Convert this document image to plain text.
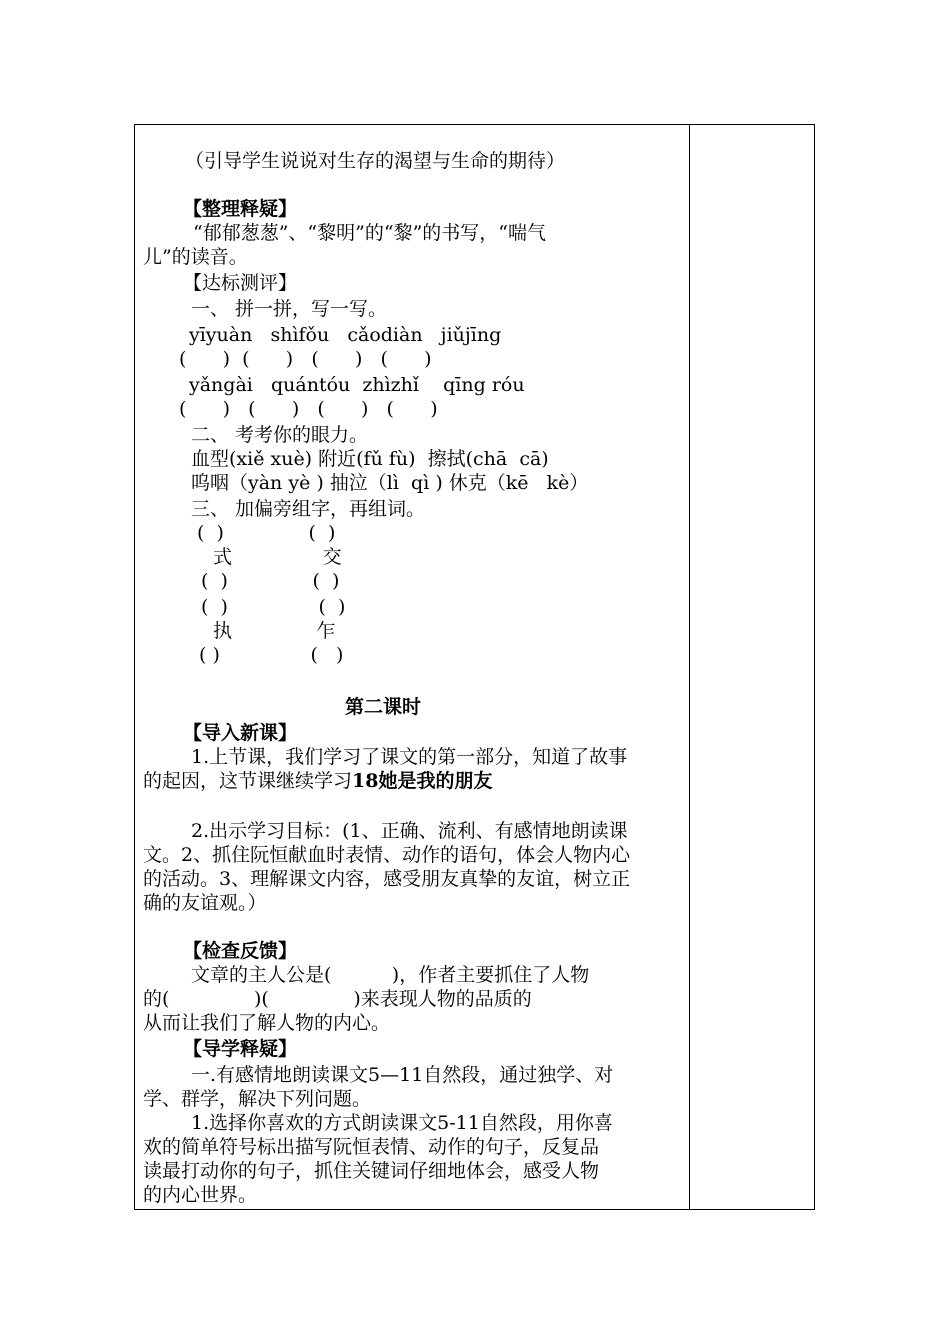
（引导学生说说对生存的渴望与生命的期待）
【整理释疑】
“郁郁葱葱”、“黎明”的“黎”的书写，“喘气
儿”的读音。
【达标测评】
一、 拼一拼，写一写。
yīyuàn   shìfǒu   cǎodiàn   jiǔjīng
(      )  (      )   (      )   (      )
yǎngài   quántóu  zhìzhǐ    qīng róu
(      )   (      )   (      )   (      )
二、 考考你的眼力。
血型(xiě xuè) 附近(fǔ fù)  擦拭(chā  cā)
呜咽（yàn yè ) 抽泣（lì  qì ) 休克（kē   kè）
三、 加偏旁组字，再组词。
(  )              (  )
式               交
(  )              (  )
(  )               (  )
执              乍
( )               (   )
第二课时
【导入新课】
1.上节课，我们学习了课文的第一部分，知道了故事
的起因，这节课继续学习18她是我的朋友
2.出示学习目标：(1、正确、流利、有感情地朗读课
文。2、抓住阮恒献血时表情、动作的语句，体会人物内心
的活动。3、理解课文内容，感受朋友真挚的友谊，树立正
确的友谊观。）
【检查反馈】
文章的主人公是(          )，作者主要抓住了人物
的(              )(              )来表现人物的品质的
从而让我们了解人物的内心。
【导学释疑】
一.有感情地朗读课文5—11自然段，通过独学、对
学、群学，解决下列问题。
1.选择你喜欢的方式朗读课文5-11自然段，用你喜
欢的简单符号标出描写阮恒表情、动作的句子，反复品
读最打动你的句子，抓住关键词仔细地体会，感受人物
的内心世界。
